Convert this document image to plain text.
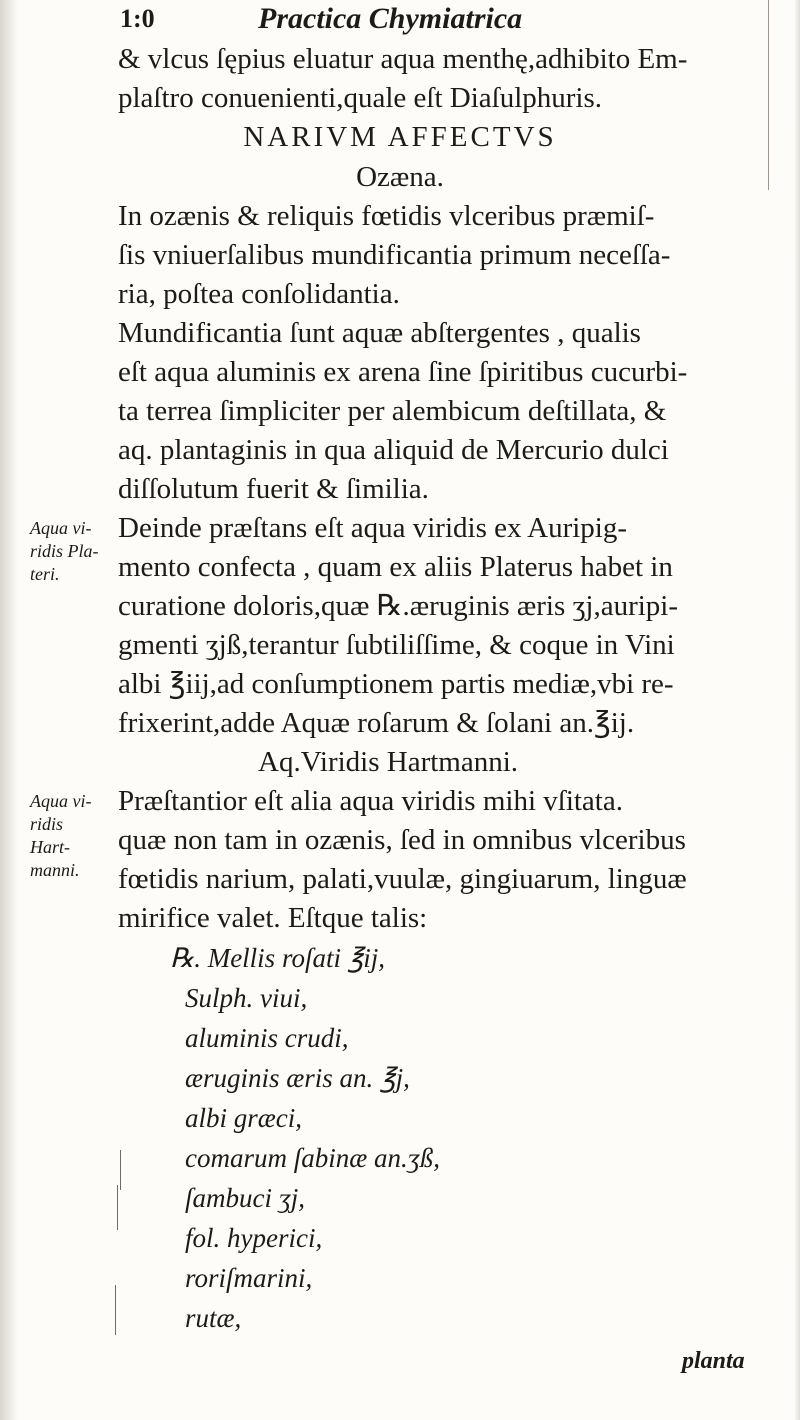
1:0	Practica Chymiatrica
& vlcus ſępius eluatur aqua menthę,adhibito Em-
plaſtro conuenienti,quale eſt Diaſulphuris.
NARIVM AFFECTVS
Ozæna.
In ozænis & reliquis fœtidis vlceribus præmiſ-
ſis vniuerſalibus mundificantia primum neceſſa-
ria, poſtea conſolidantia.
Mundificantia ſunt aquæ abſtergentes , qualis
eſt aqua aluminis ex arena ſine ſpiritibus cucurbi-
ta terrea ſimpliciter per alembicum deſtillata, &
aq. plantaginis in qua aliquid de Mercurio dulci
diſſolutum fuerit & ſimilia.
Deinde præſtans eſt aqua viridis ex Auripig-
mento confecta , quam ex aliis Platerus habet in
curatione doloris,quæ ℞.æruginis æris ʒj,auripi-
gmenti ʒjß,terantur ſubtiliſſime, & coque in Vini
albi ℥iij,ad conſumptionem partis mediæ,vbi re-
frixerint,adde Aquæ roſarum & ſolani an.℥ij.
Aq.Viridis Hartmanni.
Præſtantior eſt alia aqua viridis mihi vſitata.
quæ non tam in ozænis, ſed in omnibus vlceribus
fœtidis narium, palati,vuulæ, gingiuarum, linguæ
mirifice valet. Eſtque talis:
℞. Mellis roſati ℥ij,
Sulph. viui,
aluminis crudi,
æruginis æris an. ℥j,
albi græci,
comarum ſabinæ an.ʒß,
ſambuci ʒj,
fol. hyperici,
roriſmarini,
rutæ,
Aqua vi-
ridis Pla-
teri.
Aqua vi-
ridis
Hart-
manni.
planta
